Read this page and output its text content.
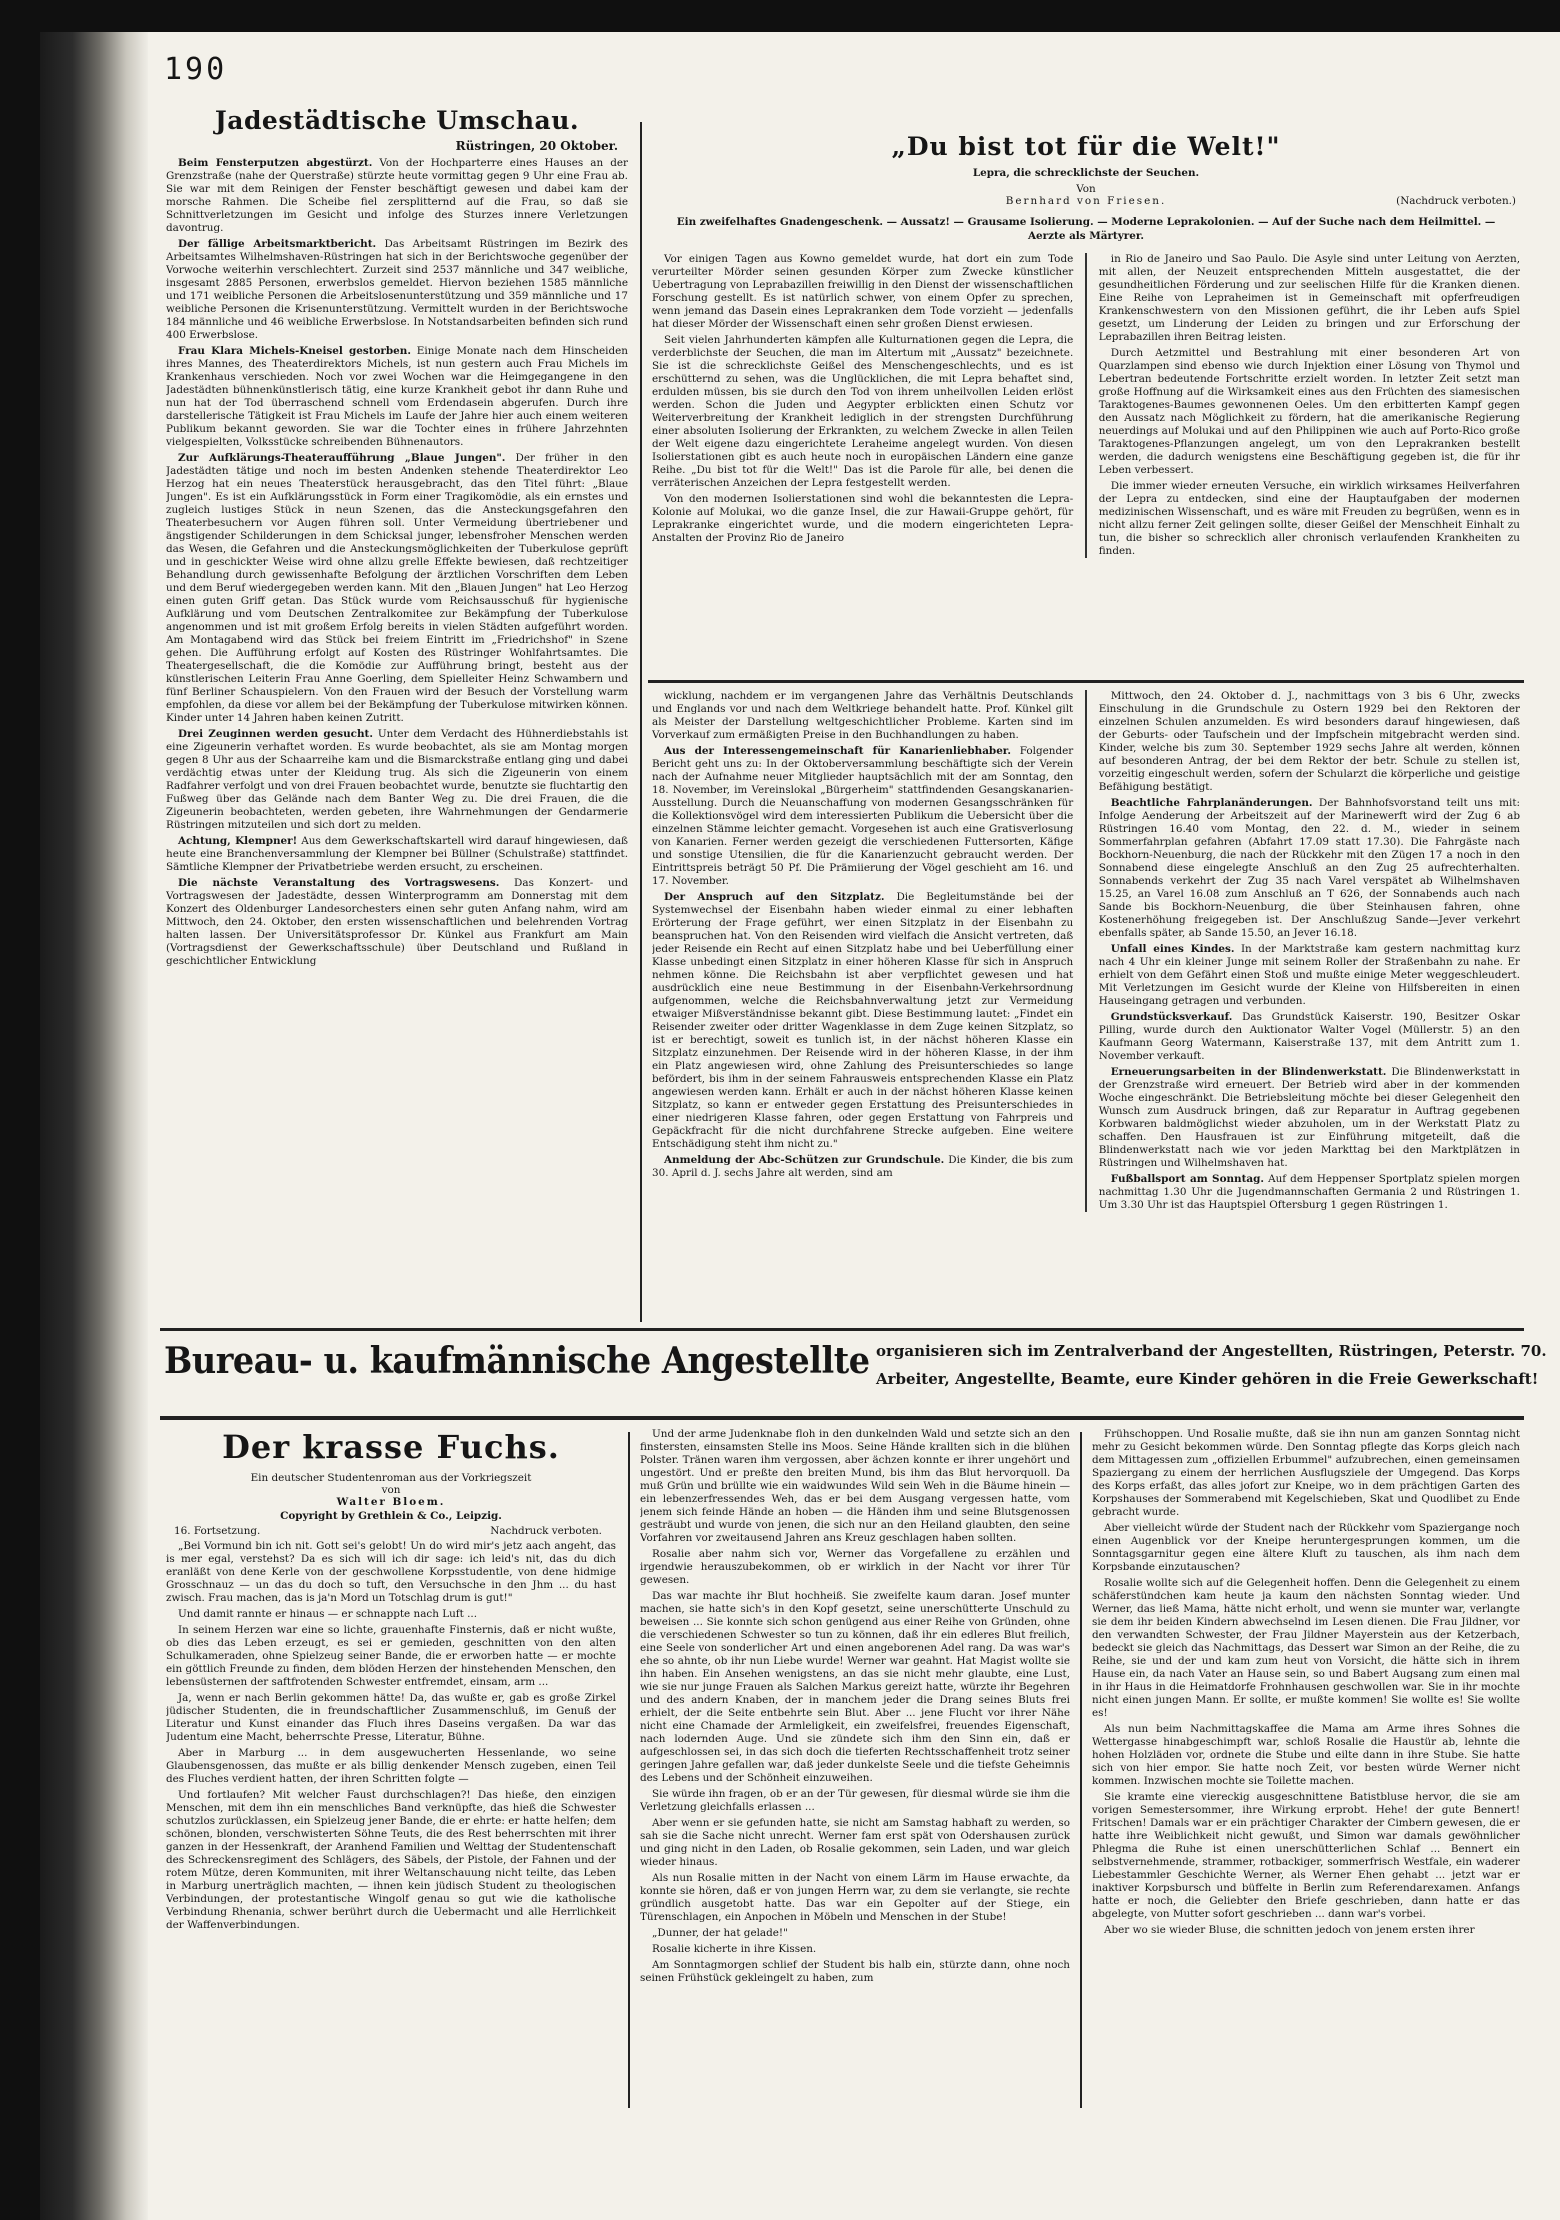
190
Jadestädtische Umschau.
Rüstringen, 20 Oktober.

Beim Fensterputzen abgestürzt. Von der Hochparterre eines Hauses an der Grenzstraße (nahe der Querstraße) stürzte heute vormittag gegen 9 Uhr eine Frau ab. Sie war mit dem Reinigen der Fenster beschäftigt gewesen und dabei kam der morsche Rahmen. Die Scheibe fiel zersplitternd auf die Frau, so daß sie Schnittverletzungen im Gesicht und infolge des Sturzes innere Verletzungen davontrug.

Der fällige Arbeitsmarktbericht. Das Arbeitsamt Rüstringen im Bezirk des Arbeitsamtes Wilhelmshaven-Rüstringen hat sich in der Berichtswoche gegenüber der Vorwoche weiterhin verschlechtert. Zurzeit sind 2537 männliche und 347 weibliche, insgesamt 2885 Personen, erwerbslos gemeldet. Hiervon beziehen 1585 männliche und 171 weibliche Personen die Arbeitslosenunterstützung und 359 männliche und 17 weibliche Personen die Krisenunterstützung. Vermittelt wurden in der Berichtswoche 184 männliche und 46 weibliche Erwerbslose. In Notstandsarbeiten befinden sich rund 400 Erwerbslose.

Frau Klara Michels-Kneisel gestorben. Einige Monate nach dem Hinscheiden ihres Mannes, des Theaterdirektors Michels, ist nun gestern auch Frau Michels im Krankenhaus verschieden. Noch vor zwei Wochen war die Heimgegangene in den Jadestädten bühnenkünstlerisch tätig, eine kurze Krankheit gebot ihr dann Ruhe und nun hat der Tod überraschend schnell vom Erdendasein abgerufen. Durch ihre darstellerische Tätigkeit ist Frau Michels im Laufe der Jahre hier auch einem weiteren Publikum bekannt geworden. Sie war die Tochter eines in frühere Jahrzehnten vielgespielten, Volksstücke schreibenden Bühnenautors.

Zur Aufklärungs-Theateraufführung „Blaue Jungen". Der früher in den Jadestädten tätige und noch im besten Andenken stehende Theaterdirektor Leo Herzog hat ein neues Theaterstück herausgebracht, das den Titel führt: „Blaue Jungen". Es ist ein Aufklärungsstück in Form einer Tragikomödie, als ein ernstes und zugleich lustiges Stück in neun Szenen, das die Ansteckungsgefahren den Theaterbesuchern vor Augen führen soll. Unter Vermeidung übertriebener und ängstigender Schilderungen in dem Schicksal junger, lebensfroher Menschen werden das Wesen, die Gefahren und die Ansteckungsmöglichkeiten der Tuberkulose geprüft und in geschickter Weise wird ohne allzu grelle Effekte bewiesen, daß rechtzeitiger Behandlung durch gewissenhafte Befolgung der ärztlichen Vorschriften dem Leben und dem Beruf wiedergegeben werden kann. Mit den „Blauen Jungen" hat Leo Herzog einen guten Griff getan. Das Stück wurde vom Reichsausschuß für hygienische Aufklärung und vom Deutschen Zentralkomitee zur Bekämpfung der Tuberkulose angenommen und ist mit großem Erfolg bereits in vielen Städten aufgeführt worden. Am Montagabend wird das Stück bei freiem Eintritt im „Friedrichshof" in Szene gehen. Die Aufführung erfolgt auf Kosten des Rüstringer Wohlfahrtsamtes. Die Theatergesellschaft, die die Komödie zur Aufführung bringt, besteht aus der künstlerischen Leiterin Frau Anne Goerling, dem Spielleiter Heinz Schwambern und fünf Berliner Schauspielern. Von den Frauen wird der Besuch der Vorstellung warm empfohlen, da diese vor allem bei der Bekämpfung der Tuberkulose mitwirken können. Kinder unter 14 Jahren haben keinen Zutritt.

Drei Zeuginnen werden gesucht. Unter dem Verdacht des Hühnerdiebstahls ist eine Zigeunerin verhaftet worden. Es wurde beobachtet, als sie am Montag morgen gegen 8 Uhr aus der Schaarreihe kam und die Bismarckstraße entlang ging und dabei verdächtig etwas unter der Kleidung trug. Als sich die Zigeunerin von einem Radfahrer verfolgt und von drei Frauen beobachtet wurde, benutzte sie fluchtartig den Fußweg über das Gelände nach dem Banter Weg zu. Die drei Frauen, die die Zigeunerin beobachteten, werden gebeten, ihre Wahrnehmungen der Gendarmerie Rüstringen mitzuteilen und sich dort zu melden.

Achtung, Klempner! Aus dem Gewerkschaftskartell wird darauf hingewiesen, daß heute eine Branchenversammlung der Klempner bei Büllner (Schulstraße) stattfindet. Sämtliche Klempner der Privatbetriebe werden ersucht, zu erscheinen.

Die nächste Veranstaltung des Vortragswesens. Das Konzert- und Vortragswesen der Jadestädte, dessen Winterprogramm am Donnerstag mit dem Konzert des Oldenburger Landesorchesters einen sehr guten Anfang nahm, wird am Mittwoch, den 24. Oktober, den ersten wissenschaftlichen und belehrenden Vortrag halten lassen. Der Universitätsprofessor Dr. Künkel aus Frankfurt am Main (Vortragsdienst der Gewerkschaftsschule) über Deutschland und Rußland in geschichtlicher Entwicklung

„Du bist tot für die Welt!"
Lepra, die schrecklichste der Seuchen.
Von
Bernhard von Friesen.	(Nachdruck verboten.)
Ein zweifelhaftes Gnadengeschenk. — Aussatz! — Grausame Isolierung. — Moderne Leprakolonien. — Auf der Suche nach dem Heilmittel. — Aerzte als Märtyrer.

Vor einigen Tagen aus Kowno gemeldet wurde, hat dort ein zum Tode verurteilter Mörder seinen gesunden Körper zum Zwecke künstlicher Uebertragung von Leprabazillen freiwillig in den Dienst der wissenschaftlichen Forschung gestellt. Es ist natürlich schwer, von einem Opfer zu sprechen, wenn jemand das Dasein eines Leprakranken dem Tode vorzieht — jedenfalls hat dieser Mörder der Wissenschaft einen sehr großen Dienst erwiesen.

Seit vielen Jahrhunderten kämpfen alle Kulturnationen gegen die Lepra, die verderblichste der Seuchen, die man im Altertum mit „Aussatz" bezeichnete. Sie ist die schrecklichste Geißel des Menschengeschlechts, und es ist erschütternd zu sehen, was die Unglücklichen, die mit Lepra behaftet sind, erdulden müssen, bis sie durch den Tod von ihrem unheilvollen Leiden erlöst werden. Schon die Juden und Aegypter erblickten einen Schutz vor Weiterverbreitung der Krankheit lediglich in der strengsten Durchführung einer absoluten Isolierung der Erkrankten, zu welchem Zwecke in allen Teilen der Welt eigene dazu eingerichtete Leraheime angelegt wurden. Von diesen Isolierstationen gibt es auch heute noch in europäischen Ländern eine ganze Reihe. „Du bist tot für die Welt!" Das ist die Parole für alle, bei denen die verräterischen Anzeichen der Lepra festgestellt werden.

Von den modernen Isolierstationen sind wohl die bekanntesten die Lepra-Kolonie auf Molukai, wo die ganze Insel, die zur Hawaii-Gruppe gehört, für Leprakranke eingerichtet wurde, und die modern eingerichteten Lepra-Anstalten der Provinz Rio de Janeiro

in Rio de Janeiro und Sao Paulo. Die Asyle sind unter Leitung von Aerzten, mit allen, der Neuzeit entsprechenden Mitteln ausgestattet, die der gesundheitlichen Förderung und zur seelischen Hilfe für die Kranken dienen. Eine Reihe von Lepraheimen ist in Gemeinschaft mit opferfreudigen Krankenschwestern von den Missionen geführt, die ihr Leben aufs Spiel gesetzt, um Linderung der Leiden zu bringen und zur Erforschung der Leprabazillen ihren Beitrag leisten.

Durch Aetzmittel und Bestrahlung mit einer besonderen Art von Quarzlampen sind ebenso wie durch Injektion einer Lösung von Thymol und Lebertran bedeutende Fortschritte erzielt worden. In letzter Zeit setzt man große Hoffnung auf die Wirksamkeit eines aus den Früchten des siamesischen Taraktogenes-Baumes gewonnenen Oeles. Um den erbitterten Kampf gegen den Aussatz nach Möglichkeit zu fördern, hat die amerikanische Regierung neuerdings auf Molukai und auf den Philippinen wie auch auf Porto-Rico große Taraktogenes-Pflanzungen angelegt, um von den Leprakranken bestellt werden, die dadurch wenigstens eine Beschäftigung gegeben ist, die für ihr Leben verbessert.

Die immer wieder erneuten Versuche, ein wirklich wirksames Heilverfahren der Lepra zu entdecken, sind eine der Hauptaufgaben der modernen medizinischen Wissenschaft, und es wäre mit Freuden zu begrüßen, wenn es in nicht allzu ferner Zeit gelingen sollte, dieser Geißel der Menschheit Einhalt zu tun, die bisher so schrecklich aller chronisch verlaufenden Krankheiten zu finden.

wicklung, nachdem er im vergangenen Jahre das Verhältnis Deutschlands und Englands vor und nach dem Weltkriege behandelt hatte. Prof. Künkel gilt als Meister der Darstellung weltgeschichtlicher Probleme. Karten sind im Vorverkauf zum ermäßigten Preise in den Buchhandlungen zu haben.

Aus der Interessengemeinschaft für Kanarienliebhaber. Folgender Bericht geht uns zu: In der Oktoberversammlung beschäftigte sich der Verein nach der Aufnahme neuer Mitglieder hauptsächlich mit der am Sonntag, den 18. November, im Vereinslokal „Bürgerheim" stattfindenden Gesangskanarien-Ausstellung. Durch die Neuanschaffung von modernen Gesangsschränken für die Kollektionsvögel wird dem interessierten Publikum die Uebersicht über die einzelnen Stämme leichter gemacht. Vorgesehen ist auch eine Gratisverlosung von Kanarien. Ferner werden gezeigt die verschiedenen Futtersorten, Käfige und sonstige Utensilien, die für die Kanarienzucht gebraucht werden. Der Eintrittspreis beträgt 50 Pf. Die Prämiierung der Vögel geschieht am 16. und 17. November.

Der Anspruch auf den Sitzplatz. Die Begleitumstände bei der Systemwechsel der Eisenbahn haben wieder einmal zu einer lebhaften Erörterung der Frage geführt, wer einen Sitzplatz in der Eisenbahn zu beanspruchen hat. Von den Reisenden wird vielfach die Ansicht vertreten, daß jeder Reisende ein Recht auf einen Sitzplatz habe und bei Ueberfüllung einer Klasse unbedingt einen Sitzplatz in einer höheren Klasse für sich in Anspruch nehmen könne. Die Reichsbahn ist aber verpflichtet gewesen und hat ausdrücklich eine neue Bestimmung in der Eisenbahn-Verkehrsordnung aufgenommen, welche die Reichsbahnverwaltung jetzt zur Vermeidung etwaiger Mißverständnisse bekannt gibt. Diese Bestimmung lautet: „Findet ein Reisender zweiter oder dritter Wagenklasse in dem Zuge keinen Sitzplatz, so ist er berechtigt, soweit es tunlich ist, in der nächst höheren Klasse ein Sitzplatz einzunehmen. Der Reisende wird in der höheren Klasse, in der ihm ein Platz angewiesen wird, ohne Zahlung des Preisunterschiedes so lange befördert, bis ihm in der seinem Fahrausweis entsprechenden Klasse ein Platz angewiesen werden kann. Erhält er auch in der nächst höheren Klasse keinen Sitzplatz, so kann er entweder gegen Erstattung des Preisunterschiedes in einer niedrigeren Klasse fahren, oder gegen Erstattung von Fahrpreis und Gepäckfracht für die nicht durchfahrene Strecke aufgeben. Eine weitere Entschädigung steht ihm nicht zu."

Anmeldung der Abc-Schützen zur Grundschule. Die Kinder, die bis zum 30. April d. J. sechs Jahre alt werden, sind am

Mittwoch, den 24. Oktober d. J., nachmittags von 3 bis 6 Uhr, zwecks Einschulung in die Grundschule zu Ostern 1929 bei den Rektoren der einzelnen Schulen anzumelden. Es wird besonders darauf hingewiesen, daß der Geburts- oder Taufschein und der Impfschein mitgebracht werden sind. Kinder, welche bis zum 30. September 1929 sechs Jahre alt werden, können auf besonderen Antrag, der bei dem Rektor der betr. Schule zu stellen ist, vorzeitig eingeschult werden, sofern der Schularzt die körperliche und geistige Befähigung bestätigt.

Beachtliche Fahrplanänderungen. Der Bahnhofsvorstand teilt uns mit: Infolge Aenderung der Arbeitszeit auf der Marinewerft wird der Zug 6 ab Rüstringen 16.40 vom Montag, den 22. d. M., wieder in seinem Sommerfahrplan gefahren (Abfahrt 17.09 statt 17.30). Die Fahrgäste nach Bockhorn-Neuenburg, die nach der Rückkehr mit den Zügen 17 a noch in den Sonnabend diese eingelegte Anschluß an den Zug 25 aufrechterhalten. Sonnabends verkehrt der Zug 35 nach Varel verspätet ab Wilhelmshaven 15.25, an Varel 16.08 zum Anschluß an T 626, der Sonnabends auch nach Sande bis Bockhorn-Neuenburg, die über Steinhausen fahren, ohne Kostenerhöhung freigegeben ist. Der Anschlußzug Sande—Jever verkehrt ebenfalls später, ab Sande 15.50, an Jever 16.18.

Unfall eines Kindes. In der Marktstraße kam gestern nachmittag kurz nach 4 Uhr ein kleiner Junge mit seinem Roller der Straßenbahn zu nahe. Er erhielt von dem Gefährt einen Stoß und mußte einige Meter weggeschleudert. Mit Verletzungen im Gesicht wurde der Kleine von Hilfsbereiten in einen Hauseingang getragen und verbunden.

Grundstücksverkauf. Das Grundstück Kaiserstr. 190, Besitzer Oskar Pilling, wurde durch den Auktionator Walter Vogel (Müllerstr. 5) an den Kaufmann Georg Watermann, Kaiserstraße 137, mit dem Antritt zum 1. November verkauft.

Erneuerungsarbeiten in der Blindenwerkstatt. Die Blindenwerkstatt in der Grenzstraße wird erneuert. Der Betrieb wird aber in der kommenden Woche eingeschränkt. Die Betriebsleitung möchte bei dieser Gelegenheit den Wunsch zum Ausdruck bringen, daß zur Reparatur in Auftrag gegebenen Korbwaren baldmöglichst wieder abzuholen, um in der Werkstatt Platz zu schaffen. Den Hausfrauen ist zur Einführung mitgeteilt, daß die Blindenwerkstatt nach wie vor jeden Markttag bei den Marktplätzen in Rüstringen und Wilhelmshaven hat.

Fußballsport am Sonntag. Auf dem Heppenser Sportplatz spielen morgen nachmittag 1.30 Uhr die Jugendmannschaften Germania 2 und Rüstringen 1. Um 3.30 Uhr ist das Hauptspiel Oftersburg 1 gegen Rüstringen 1.

Bureau- u. kaufmännische Angestellte organisieren sich im Zentralverband der Angestellten, Rüstringen, Peterstr. 70.
Arbeiter, Angestellte, Beamte, eure Kinder gehören in die Freie Gewerkschaft!
Der krasse Fuchs.
Ein deutscher Studentenroman aus der Vorkriegszeit
von
Walter Bloem.
Copyright by Grethlein & Co., Leipzig.
16. Fortsetzung.	Nachdruck verboten.

„Bei Vormund bin ich nit. Gott sei's gelobt! Un do wird mir's jetz aach angeht, das is mer egal, verstehst? Da es sich will ich dir sage: ich leid's nit, das du dich eranläßt von dene Kerle von der geschwollene Korpsstudentle, von dene hidmige Grosschnauz — un das du doch so tuft, den Versuchsche in den Jhm ... du hast zwisch. Frau machen, das is ja'n Mord un Totschlag drum is gut!"

Und damit rannte er hinaus — er schnappte nach Luft ...

In seinem Herzen war eine so lichte, grauenhafte Finsternis, daß er nicht wußte, ob dies das Leben erzeugt, es sei er gemieden, geschnitten von den alten Schulkameraden, ohne Spielzeug seiner Bande, die er erworben hatte — er mochte ein göttlich Freunde zu finden, dem blöden Herzen der hinstehenden Menschen, den lebensüsternen der saftfrotenden Schwester entfremdet, einsam, arm ...

Ja, wenn er nach Berlin gekommen hätte! Da, das wußte er, gab es große Zirkel jüdischer Studenten, die in freundschaftlicher Zusammenschluß, im Genuß der Literatur und Kunst einander das Fluch ihres Daseins vergaßen. Da war das Judentum eine Macht, beherrschte Presse, Literatur, Bühne.

Aber in Marburg ... in dem ausgewucherten Hessenlande, wo seine Glaubensgenossen, das mußte er als billig denkender Mensch zugeben, einen Teil des Fluches verdient hatten, der ihren Schritten folgte —

Und fortlaufen? Mit welcher Faust durchschlagen?! Das hieße, den einzigen Menschen, mit dem ihn ein menschliches Band verknüpfte, das hieß die Schwester schutzlos zurücklassen, ein Spielzeug jener Bande, die er ehrte: er hatte helfen; dem schönen, blonden, verschwisterten Söhne Teuts, die des Rest beherrschten mit ihrer ganzen in der Hessenkraft, der Aranhend Familien und Welttag der Studentenschaft des Schreckensregiment des Schlägers, des Säbels, der Pistole, der Fahnen und der rotem Mütze, deren Kommuniten, mit ihrer Weltanschauung nicht teilte, das Leben in Marburg unerträglich machten, — ihnen kein jüdisch Student zu theologischen Verbindungen, der protestantische Wingolf genau so gut wie die katholische Verbindung Rhenania, schwer berührt durch die Uebermacht und alle Herrlichkeit der Waffenverbindungen.

Und der arme Judenknabe floh in den dunkelnden Wald und setzte sich an den finstersten, einsamsten Stelle ins Moos. Seine Hände krallten sich in die blühen Polster. Tränen waren ihm vergossen, aber ächzen konnte er ihrer ungehört und ungestört. Und er preßte den breiten Mund, bis ihm das Blut hervorquoll. Da muß Grün und brüllte wie ein waidwundes Wild sein Weh in die Bäume hinein — ein lebenzerfressendes Weh, das er bei dem Ausgang vergessen hatte, vom jenem sich feinde Hände an hoben — die Händen ihm und seine Blutsgenossen gesträubt und wurde von jenen, die sich nur an den Heiland glaubten, den seine Vorfahren vor zweitausend Jahren ans Kreuz geschlagen haben sollten.

Rosalie aber nahm sich vor, Werner das Vorgefallene zu erzählen und irgendwie herauszubekommen, ob er wirklich in der Nacht vor ihrer Tür gewesen.

Das war machte ihr Blut hochheiß. Sie zweifelte kaum daran. Josef munter machen, sie hatte sich's in den Kopf gesetzt, seine unerschütterte Unschuld zu beweisen ... Sie konnte sich schon genügend aus einer Reihe von Gründen, ohne die verschiedenen Schwester so tun zu können, daß ihr ein edleres Blut freilich, eine Seele von sonderlicher Art und einen angeborenen Adel rang. Da was war's ehe so ahnte, ob ihr nun Liebe wurde! Werner war geahnt. Hat Magist wollte sie ihn haben. Ein Ansehen wenigstens, an das sie nicht mehr glaubte, eine Lust, wie sie nur junge Frauen als Salchen Markus gereizt hatte, würzte ihr Begehren und des andern Knaben, der in manchem jeder die Drang seines Bluts frei erhielt, der die Seite entbehrte sein Blut. Aber ... jene Flucht vor ihrer Nähe nicht eine Chamade der Armleligkeit, ein zweifelsfrei, freuendes Eigenschaft, nach lodernden Auge. Und sie zündete sich ihm den Sinn ein, daß er aufgeschlossen sei, in das sich doch die tieferten Rechtsschaffenheit trotz seiner geringen Jahre gefallen war, daß jeder dunkelste Seele und die tiefste Geheimnis des Lebens und der Schönheit einzuweihen.

Sie würde ihn fragen, ob er an der Tür gewesen, für diesmal würde sie ihm die Verletzung gleichfalls erlassen ...

Aber wenn er sie gefunden hatte, sie nicht am Samstag habhaft zu werden, so sah sie die Sache nicht unrecht. Werner fam erst spät von Odershausen zurück und ging nicht in den Laden, ob Rosalie gekommen, sein Laden, und war gleich wieder hinaus.

Als nun Rosalie mitten in der Nacht von einem Lärm im Hause erwachte, da konnte sie hören, daß er von jungen Herrn war, zu dem sie verlangte, sie rechte gründlich ausgetobt hatte. Das war ein Gepolter auf der Stiege, ein Türenschlagen, ein Anpochen in Möbeln und Menschen in der Stube!

„Dunner, der hat gelade!"

Rosalie kicherte in ihre Kissen.

Am Sonntagmorgen schlief der Student bis halb ein, stürzte dann, ohne noch seinen Frühstück gekleingelt zu haben, zum

Frühschoppen. Und Rosalie mußte, daß sie ihn nun am ganzen Sonntag nicht mehr zu Gesicht bekommen würde. Den Sonntag pflegte das Korps gleich nach dem Mittagessen zum „offiziellen Erbummel" aufzubrechen, einen gemeinsamen Spaziergang zu einem der herrlichen Ausflugsziele der Umgegend. Das Korps des Korps erfaßt, das alles jofort zur Kneipe, wo in dem prächtigen Garten des Korpshauses der Sommerabend mit Kegelschieben, Skat und Quodlibet zu Ende gebracht wurde.

Aber vielleicht würde der Student nach der Rückkehr vom Spaziergange noch einen Augenblick vor der Kneipe heruntergesprungen kommen, um die Sonntagsgarnitur gegen eine ältere Kluft zu tauschen, als ihm nach dem Korpsbande einzutauschen?

Rosalie wollte sich auf die Gelegenheit hoffen. Denn die Gelegenheit zu einem schäferstündchen kam heute ja kaum den nächsten Sonntag wieder. Und Werner, das ließ Mama, hätte nicht erholt, und wenn sie munter war, verlangte sie dem ihr beiden Kindern abwechselnd im Lesen dienen. Die Frau Jildner, vor den verwandten Schwester, der Frau Jildner Mayerstein aus der Ketzerbach, bedeckt sie gleich das Nachmittags, das Dessert war Simon an der Reihe, die zu Reihe, sie und der und kam zum heut von Vorsicht, die hätte sich in ihrem Hause ein, da nach Vater an Hause sein, so und Babert Augsang zum einen mal in ihr Haus in die Heimatdorfe Frohnhausen geschwollen war. Sie in ihr mochte nicht einen jungen Mann. Er sollte, er mußte kommen! Sie wollte es! Sie wollte es!

Als nun beim Nachmittagskaffee die Mama am Arme ihres Sohnes die Wettergasse hinabgeschimpft war, schloß Rosalie die Haustür ab, lehnte die hohen Holzläden vor, ordnete die Stube und eilte dann in ihre Stube. Sie hatte sich von hier empor. Sie hatte noch Zeit, vor besten würde Werner nicht kommen. Inzwischen mochte sie Toilette machen.

Sie kramte eine viereckig ausgeschnittene Batistbluse hervor, die sie am vorigen Semestersommer, ihre Wirkung erprobt. Hehe! der gute Bennert! Fritschen! Damals war er ein prächtiger Charakter der Cimbern gewesen, die er hatte ihre Weiblichkeit nicht gewußt, und Simon war damals gewöhnlicher Phlegma die Ruhe ist einen unerschütterlichen Schlaf ... Bennert ein selbstvernehmende, strammer, rotbackiger, sommerfrisch Westfale, ein waderer Liebestammler Geschichte Werner, als Werner Ehen gehabt ... jetzt war er inaktiver Korpsbursch und büffelte in Berlin zum Referendarexamen. Anfangs hatte er noch, die Geliebter den Briefe geschrieben, dann hatte er das abgelegte, von Mutter sofort geschrieben ... dann war's vorbei.

Aber wo sie wieder Bluse, die schnitten jedoch von jenem ersten ihrer
